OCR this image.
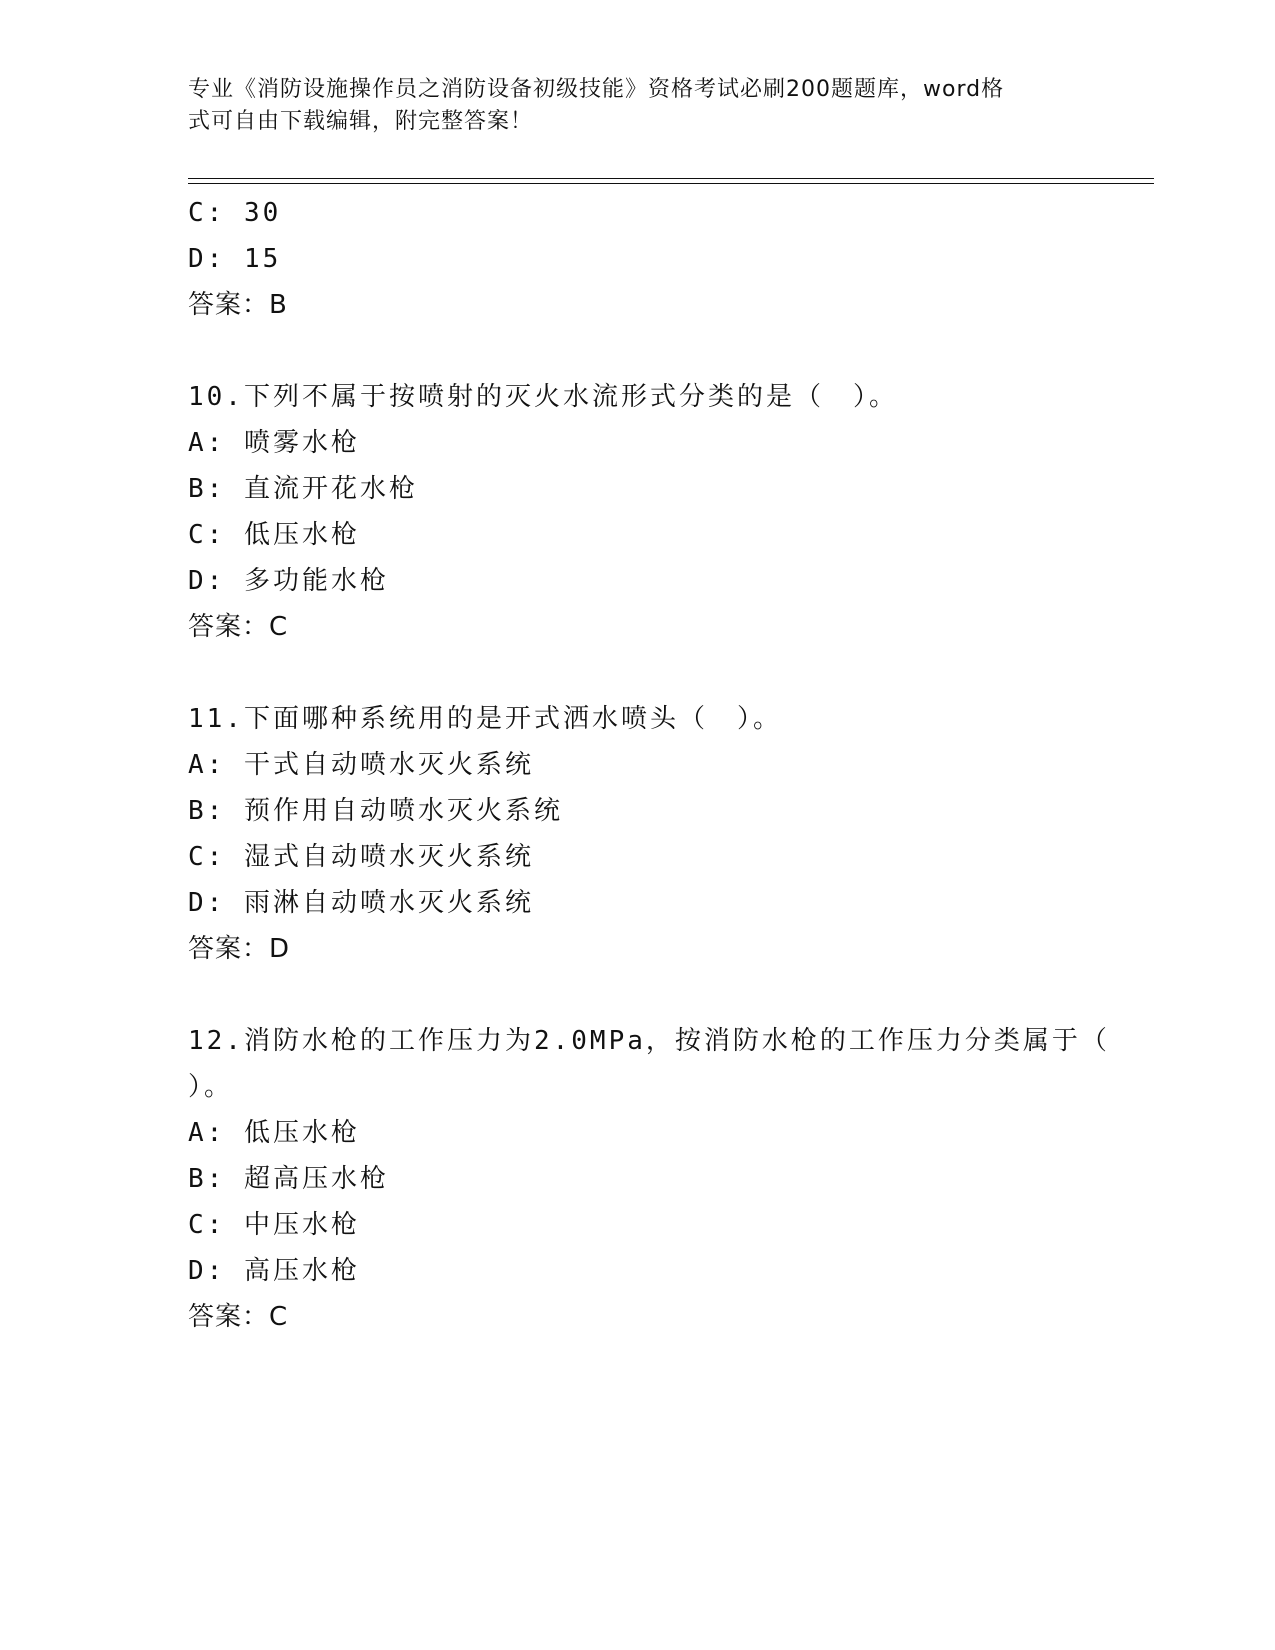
专业《消防设施操作员之消防设备初级技能》资格考试必刷200题题库，word格
式可自由下载编辑，附完整答案！
C: 30
D: 15
答案：B
10.下列不属于按喷射的灭火水流形式分类的是（　）。
A: 喷雾水枪
B: 直流开花水枪
C: 低压水枪
D: 多功能水枪
答案：C
11.下面哪种系统用的是开式洒水喷头（　）。
A: 干式自动喷水灭火系统
B: 预作用自动喷水灭火系统
C: 湿式自动喷水灭火系统
D: 雨淋自动喷水灭火系统
答案：D
12.消防水枪的工作压力为2.0MPa，按消防水枪的工作压力分类属于（
）。
A: 低压水枪
B: 超高压水枪
C: 中压水枪
D: 高压水枪
答案：C
